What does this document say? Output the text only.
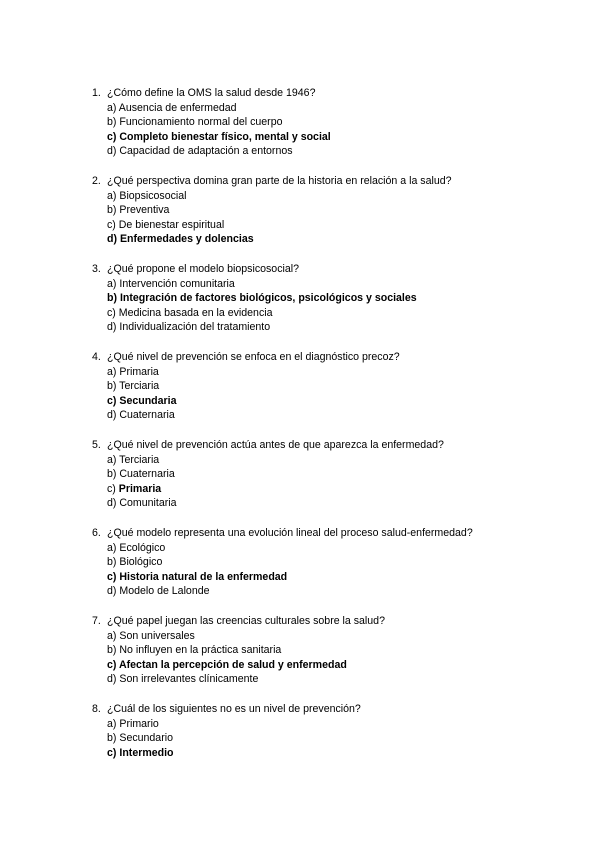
1. ¿Cómo define la OMS la salud desde 1946?
a) Ausencia de enfermedad
b) Funcionamiento normal del cuerpo
c) Completo bienestar físico, mental y social
d) Capacidad de adaptación a entornos
2. ¿Qué perspectiva domina gran parte de la historia en relación a la salud?
a) Biopsicosocial
b) Preventiva
c) De bienestar espiritual
d) Enfermedades y dolencias
3. ¿Qué propone el modelo biopsicosocial?
a) Intervención comunitaria
b) Integración de factores biológicos, psicológicos y sociales
c) Medicina basada en la evidencia
d) Individualización del tratamiento
4. ¿Qué nivel de prevención se enfoca en el diagnóstico precoz?
a) Primaria
b) Terciaria
c) Secundaria
d) Cuaternaria
5. ¿Qué nivel de prevención actúa antes de que aparezca la enfermedad?
a) Terciaria
b) Cuaternaria
c) Primaria
d) Comunitaria
6. ¿Qué modelo representa una evolución lineal del proceso salud-enfermedad?
a) Ecológico
b) Biológico
c) Historia natural de la enfermedad
d) Modelo de Lalonde
7. ¿Qué papel juegan las creencias culturales sobre la salud?
a) Son universales
b) No influyen en la práctica sanitaria
c) Afectan la percepción de salud y enfermedad
d) Son irrelevantes clínicamente
8. ¿Cuál de los siguientes no es un nivel de prevención?
a) Primario
b) Secundario
c) Intermedio
